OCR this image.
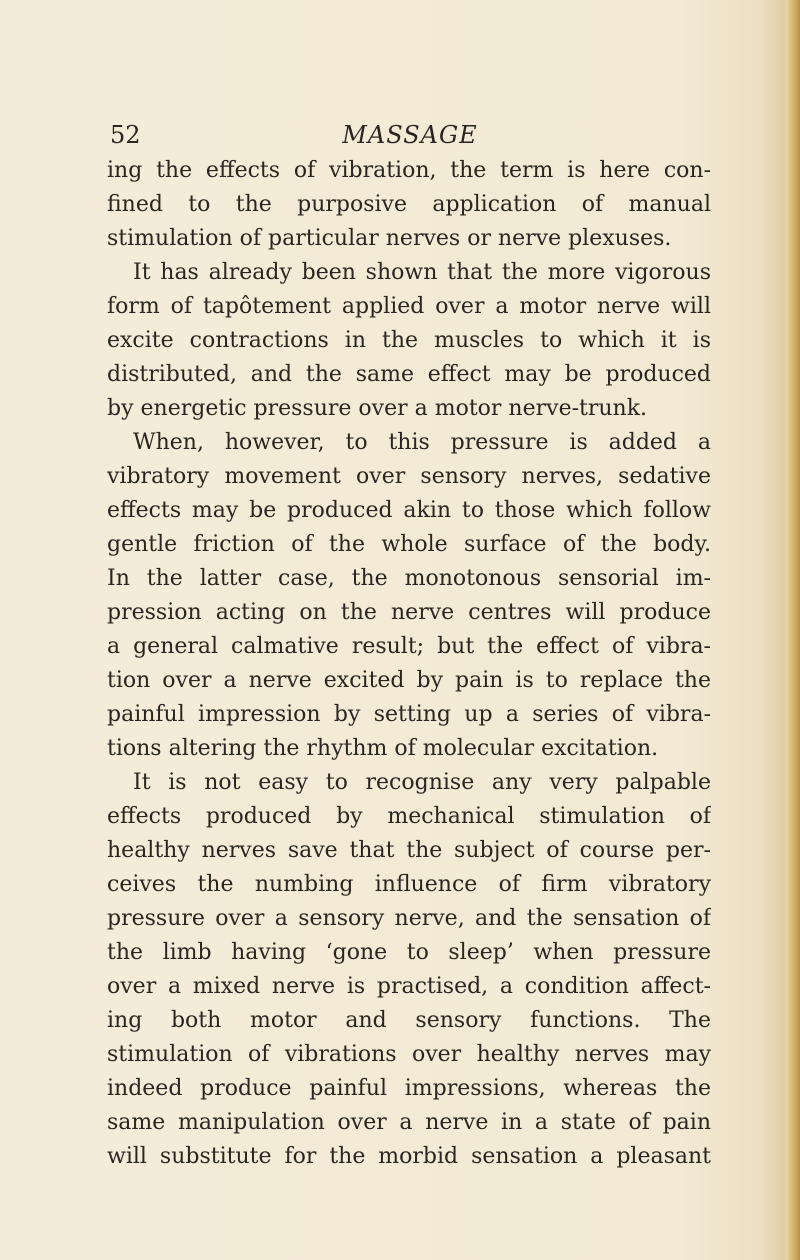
52	MASSAGE
ing the effects of vibration, the term is here con-
fined to the purposive application of manual
stimulation of particular nerves or nerve plexuses.
It has already been shown that the more vigorous
form of tapôtement applied over a motor nerve will
excite contractions in the muscles to which it is
distributed, and the same effect may be produced
by energetic pressure over a motor nerve-trunk.
When, however, to this pressure is added a
vibratory movement over sensory nerves, sedative
effects may be produced akin to those which follow
gentle friction of the whole surface of the body.
In the latter case, the monotonous sensorial im-
pression acting on the nerve centres will produce
a general calmative result; but the effect of vibra-
tion over a nerve excited by pain is to replace the
painful impression by setting up a series of vibra-
tions altering the rhythm of molecular excitation.
It is not easy to recognise any very palpable
effects produced by mechanical stimulation of
healthy nerves save that the subject of course per-
ceives the numbing influence of firm vibratory
pressure over a sensory nerve, and the sensation of
the limb having ‘gone to sleep’ when pressure
over a mixed nerve is practised, a condition affect-
ing both motor and sensory functions. The
stimulation of vibrations over healthy nerves may
indeed produce painful impressions, whereas the
same manipulation over a nerve in a state of pain
will substitute for the morbid sensation a pleasant
